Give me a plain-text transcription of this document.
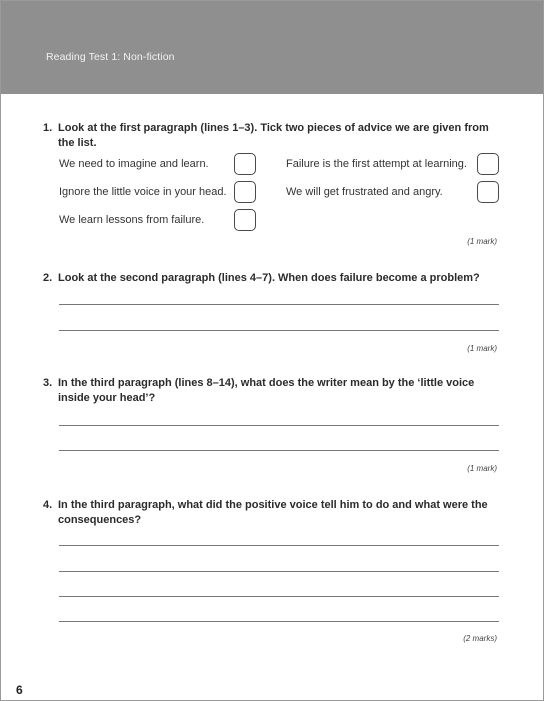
Reading Test 1: Non-fiction
1. Look at the first paragraph (lines 1–3). Tick two pieces of advice we are given from the list.
We need to imagine and learn.	Failure is the first attempt at learning.
Ignore the little voice in your head.	We will get frustrated and angry.
We learn lessons from failure.
(1 mark)
2. Look at the second paragraph (lines 4–7). When does failure become a problem?
(1 mark)
3. In the third paragraph (lines 8–14), what does the writer mean by the ‘little voice inside your head’?
(1 mark)
4. In the third paragraph, what did the positive voice tell him to do and what were the consequences?
(2 marks)
6
